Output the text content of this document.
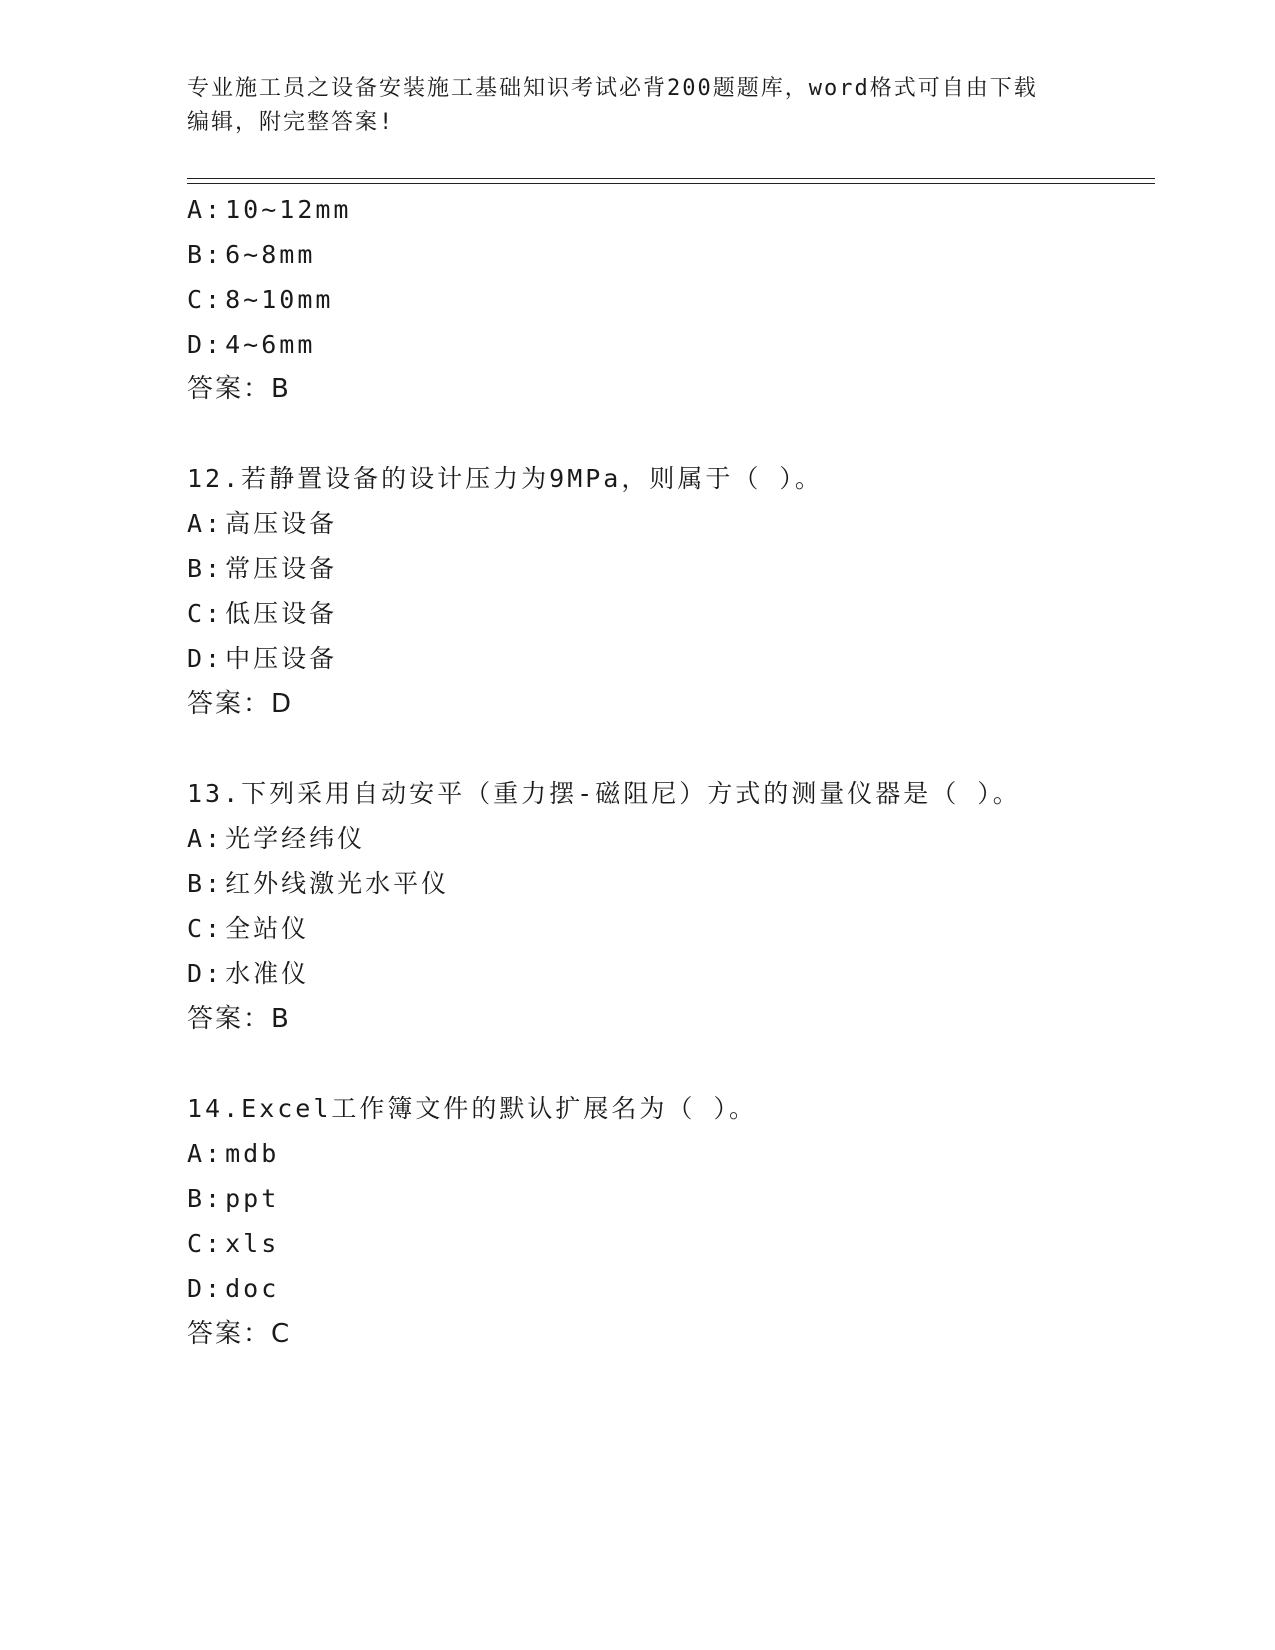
专业施工员之设备安装施工基础知识考试必背200题题库，word格式可自由下载
编辑，附完整答案!
A:10~12mm
B:6~8mm
C:8~10mm
D:4~6mm
答案：B
12.若静置设备的设计压力为9MPa，则属于（ ）。
A:高压设备
B:常压设备
C:低压设备
D:中压设备
答案：D
13.下列采用自动安平（重力摆-磁阻尼）方式的测量仪器是（ ）。
A:光学经纬仪
B:红外线激光水平仪
C:全站仪
D:水准仪
答案：B
14.Excel工作簿文件的默认扩展名为（ ）。
A:mdb
B:ppt
C:xls
D:doc
答案：C
